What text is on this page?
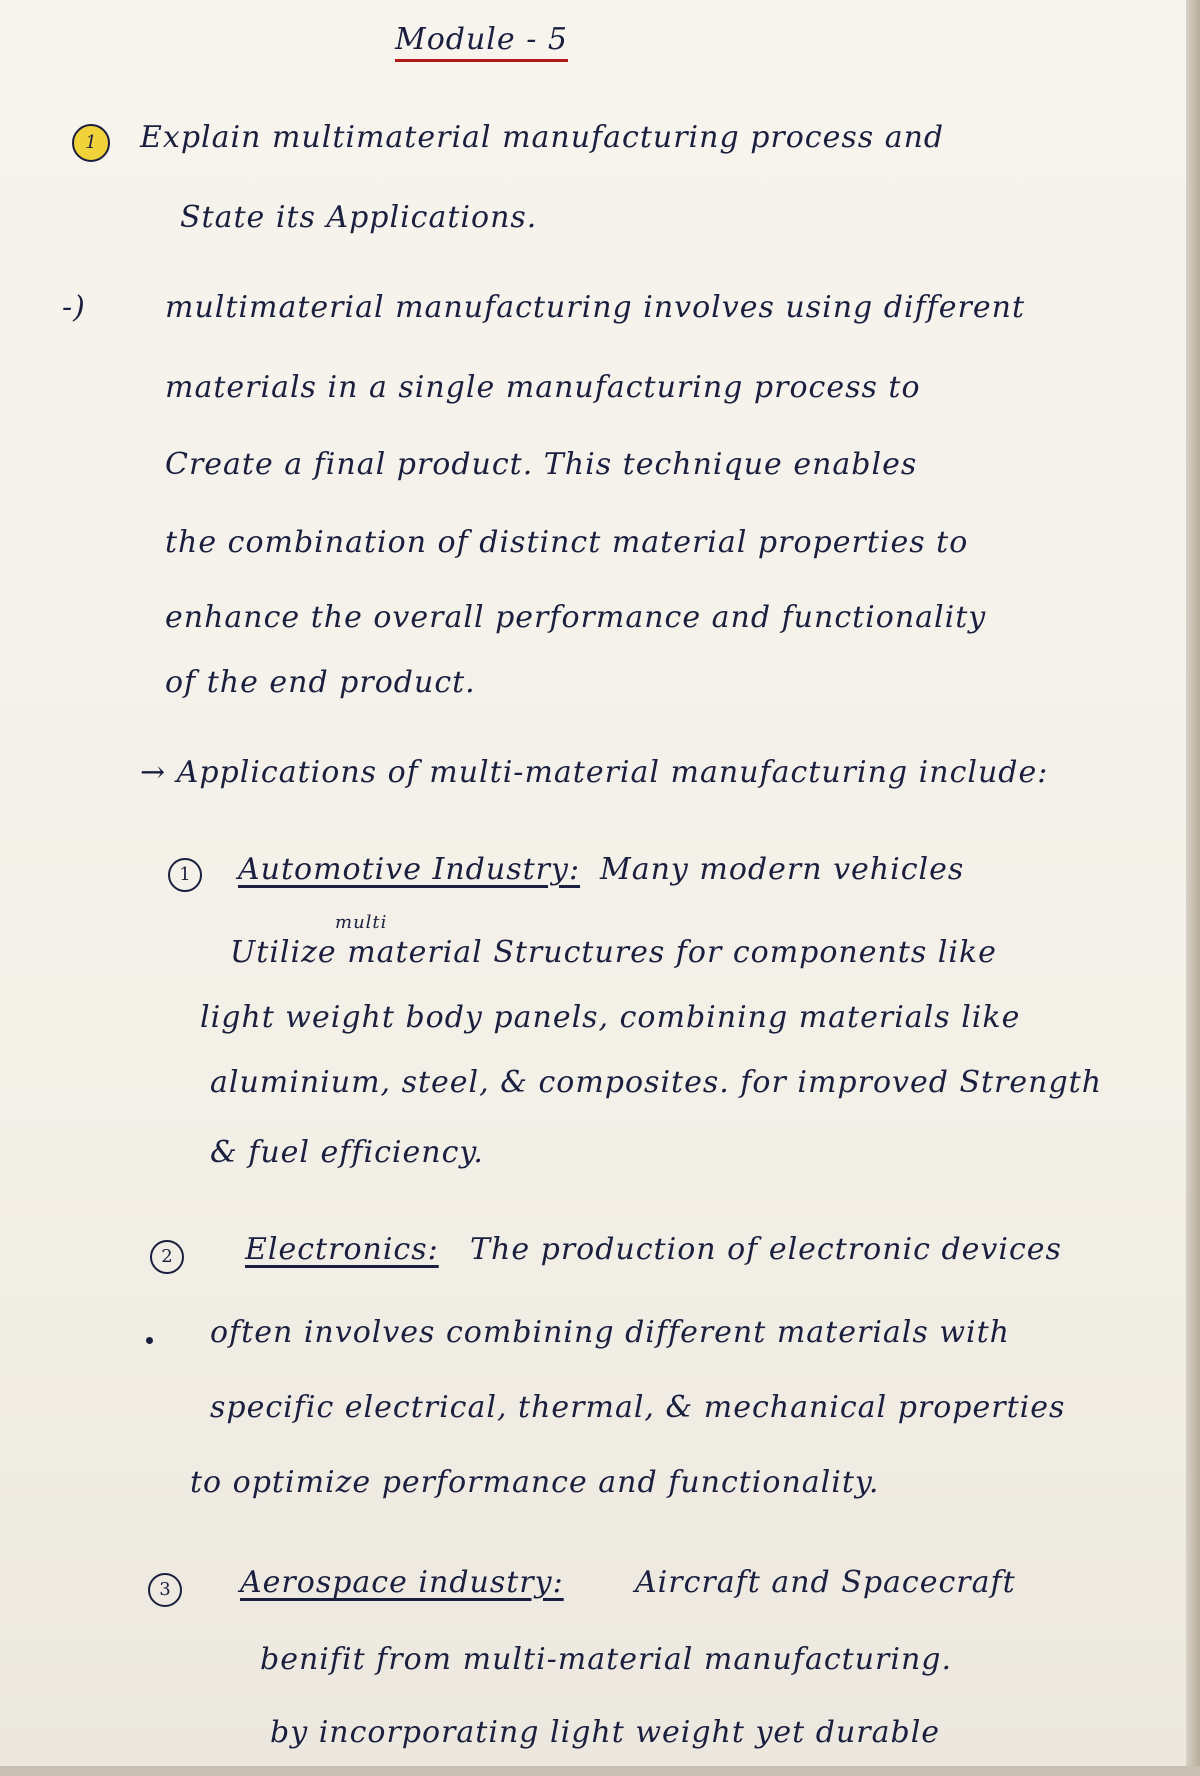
Module - 5
1	Explain multimaterial manufacturing process and
State its Applications.
-)	multimaterial manufacturing involves using different
materials in a single manufacturing process to
Create a final product. This technique enables
the combination of distinct material properties to
enhance the overall performance and functionality
of the end product.
→ Applications of multi-material manufacturing include:
1	Automotive Industry: Many modern vehicles
multi
Utilize material Structures for components like
light weight body panels, combining materials like
aluminium, steel, & composites. for improved Strength
& fuel efficiency.
2	Electronics: The production of electronic devices
often involves combining different materials with
specific electrical, thermal, & mechanical properties
to optimize performance and functionality.
3	Aerospace industry: Aircraft and Spacecraft
benifit from multi-material manufacturing.
by incorporating light weight yet durable
